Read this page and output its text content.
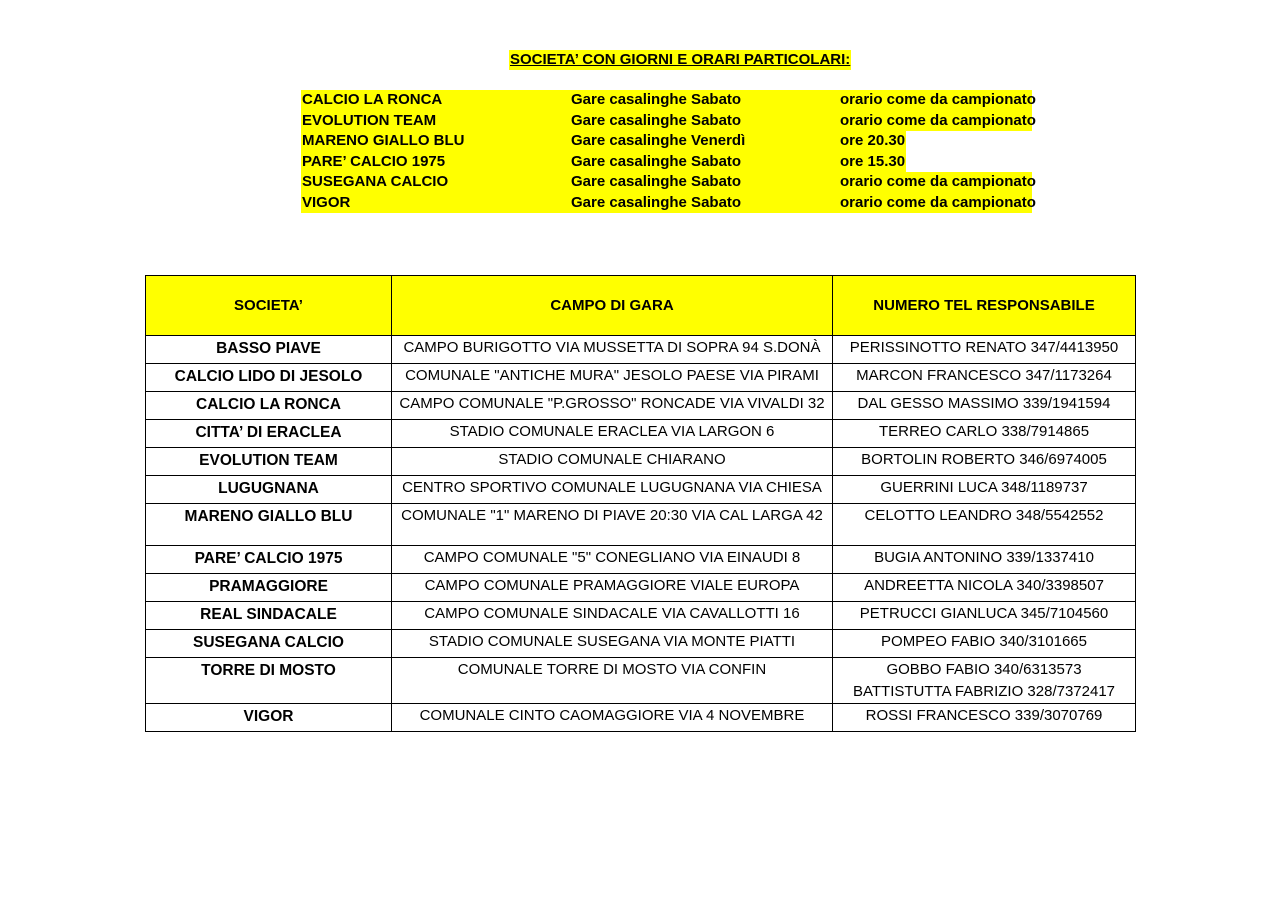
SOCIETA’ CON GIORNI E ORARI PARTICOLARI:
CALCIO LA RONCA	Gare casalinghe Sabato	orario come da campionato
EVOLUTION TEAM	Gare casalinghe Sabato	orario come da campionato
MARENO GIALLO BLU	Gare casalinghe Venerdì	ore 20.30
PARE’ CALCIO 1975	Gare casalinghe Sabato	ore 15.30
SUSEGANA CALCIO	Gare casalinghe Sabato	orario come da campionato
VIGOR	Gare casalinghe Sabato	orario come da campionato
SOCIETA’	CAMPO DI GARA	NUMERO TEL RESPONSABILE
BASSO PIAVE	CAMPO BURIGOTTO VIA MUSSETTA DI SOPRA 94 S.DONÀ	PERISSINOTTO RENATO 347/4413950
CALCIO LIDO DI JESOLO	COMUNALE "ANTICHE MURA" JESOLO PAESE VIA PIRAMI	MARCON FRANCESCO 347/1173264
CALCIO LA RONCA	CAMPO COMUNALE "P.GROSSO" RONCADE VIA VIVALDI 32	DAL GESSO MASSIMO 339/1941594
CITTA’ DI ERACLEA	STADIO COMUNALE ERACLEA VIA LARGON 6	TERREO CARLO 338/7914865
EVOLUTION TEAM	STADIO COMUNALE CHIARANO	BORTOLIN ROBERTO 346/6974005
LUGUGNANA	CENTRO SPORTIVO COMUNALE LUGUGNANA VIA CHIESA	GUERRINI LUCA 348/1189737
MARENO GIALLO BLU	COMUNALE "1" MARENO DI PIAVE 20:30 VIA CAL LARGA 42	CELOTTO LEANDRO 348/5542552
PARE’ CALCIO 1975	CAMPO COMUNALE "5" CONEGLIANO VIA EINAUDI 8	BUGIA ANTONINO 339/1337410
PRAMAGGIORE	CAMPO COMUNALE PRAMAGGIORE VIALE EUROPA	ANDREETTA NICOLA 340/3398507
REAL SINDACALE	CAMPO COMUNALE SINDACALE VIA CAVALLOTTI 16	PETRUCCI GIANLUCA 345/7104560
SUSEGANA CALCIO	STADIO COMUNALE SUSEGANA VIA MONTE PIATTI	POMPEO FABIO 340/3101665
TORRE DI MOSTO	COMUNALE TORRE DI MOSTO VIA CONFIN	GOBBO FABIO 340/6313573
BATTISTUTTA FABRIZIO 328/7372417

VIGOR	COMUNALE CINTO CAOMAGGIORE VIA 4 NOVEMBRE	ROSSI FRANCESCO 339/3070769
